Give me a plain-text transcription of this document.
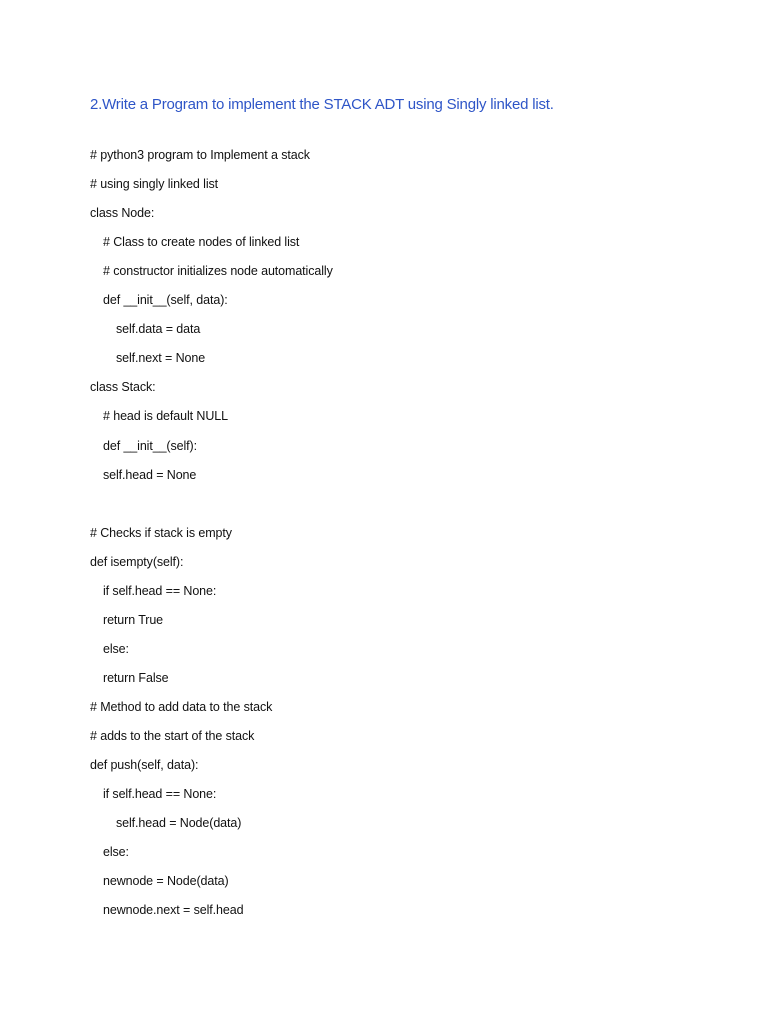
2.Write a Program to implement the STACK ADT using Singly linked list.
# python3 program to Implement a stack
# using singly linked list
class Node:
# Class to create nodes of linked list
# constructor initializes node automatically
def __init__(self, data):
self.data = data
self.next = None
class Stack:
# head is default NULL
def __init__(self):
self.head = None
# Checks if stack is empty
def isempty(self):
if self.head == None:
return True
else:
return False
# Method to add data to the stack
# adds to the start of the stack
def push(self, data):
if self.head == None:
self.head = Node(data)
else:
newnode = Node(data)
newnode.next = self.head
